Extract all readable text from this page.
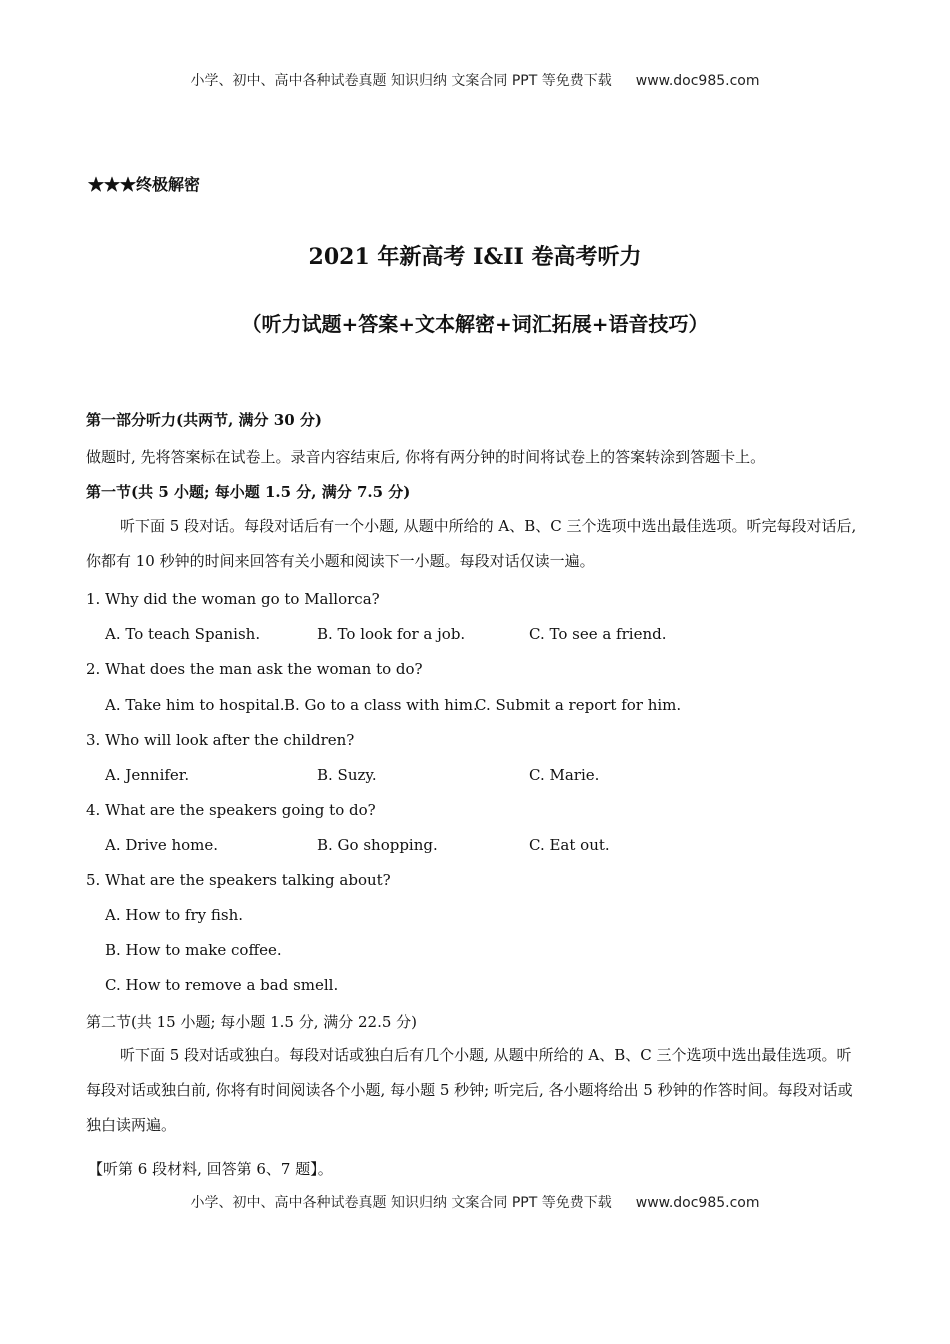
小学、初中、高中各种试卷真题 知识归纳 文案合同 PPT 等免费下载 www.doc985.com
★★★终极解密
2021 年新高考 I&II 卷高考听力
（听力试题+答案+文本解密+词汇拓展+语音技巧）
第一部分听力(共两节, 满分 30 分)
做题时, 先将答案标在试卷上。录音内容结束后, 你将有两分钟的时间将试卷上的答案转涂到答题卡上。
第一节(共 5 小题; 每小题 1.5 分, 满分 7.5 分)
听下面 5 段对话。每段对话后有一个小题, 从题中所给的 A、B、C 三个选项中选出最佳选项。听完每段对话后, 你都有 10 秒钟的时间来回答有关小题和阅读下一小题。每段对话仅读一遍。
1. Why did the woman go to Mallorca?
A. To teach Spanish.	B. To look for a job.	C. To see a friend.
2. What does the man ask the woman to do?
A. Take him to hospital. B. Go to a class with him.
C. Submit a report for him.
3. Who will look after the children?
A. Jennifer.	B. Suzy.	C. Marie.
4. What are the speakers going to do?
A. Drive home.	B. Go shopping.	C. Eat out.
5. What are the speakers talking about?
A. How to fry fish.
B. How to make coffee.
C. How to remove a bad smell.
第二节(共 15 小题; 每小题 1.5 分, 满分 22.5 分)
听下面 5 段对话或独白。每段对话或独白后有几个小题, 从题中所给的 A、B、C 三个选项中选出最佳选项。听每段对话或独白前, 你将有时间阅读各个小题, 每小题 5 秒钟; 听完后, 各小题将给出 5 秒钟的作答时间。每段对话或独白读两遍。
【听第 6 段材料, 回答第 6、7 题】。
小学、初中、高中各种试卷真题 知识归纳 文案合同 PPT 等免费下载 www.doc985.com
